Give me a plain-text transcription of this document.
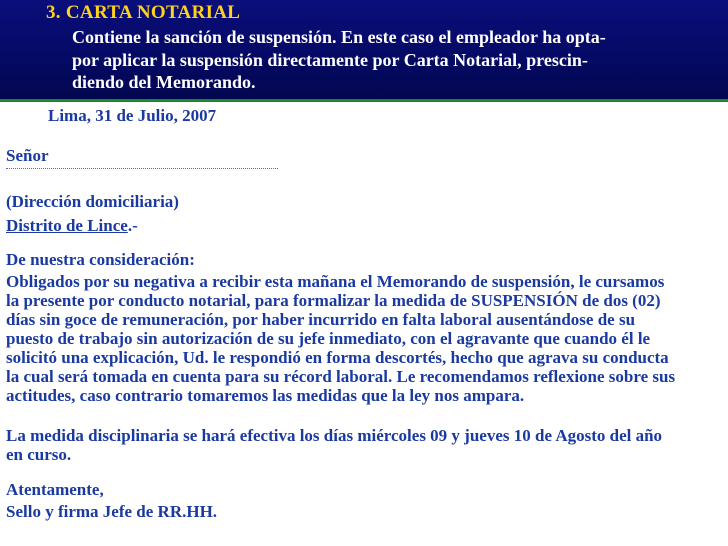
3. CARTA NOTARIAL
Contiene la sanción de suspensión. En este caso el empleador ha opta-
por aplicar la suspensión directamente por Carta Notarial, prescin-
diendo del Memorando.
Lima, 31 de Julio, 2007
Señor
(Dirección domiciliaria)
Distrito de Lince.-
De nuestra consideración:
Obligados por su negativa a recibir esta mañana el Memorando de suspensión, le cursamos
la presente por conducto notarial, para formalizar la medida de SUSPENSIÓN de dos (02)
días sin goce de remuneración, por haber incurrido en falta laboral ausentándose de su
puesto de trabajo sin autorización de su jefe inmediato, con el agravante que cuando él le
solicitó una explicación, Ud. le respondió en forma descortés, hecho que agrava su conducta
la cual será tomada en cuenta para su récord laboral. Le recomendamos reflexione sobre sus
actitudes, caso contrario tomaremos las medidas que la ley nos ampara.
La medida disciplinaria se hará efectiva los días miércoles 09 y jueves 10 de Agosto del año
en curso.
Atentamente,
Sello y firma Jefe de RR.HH.
